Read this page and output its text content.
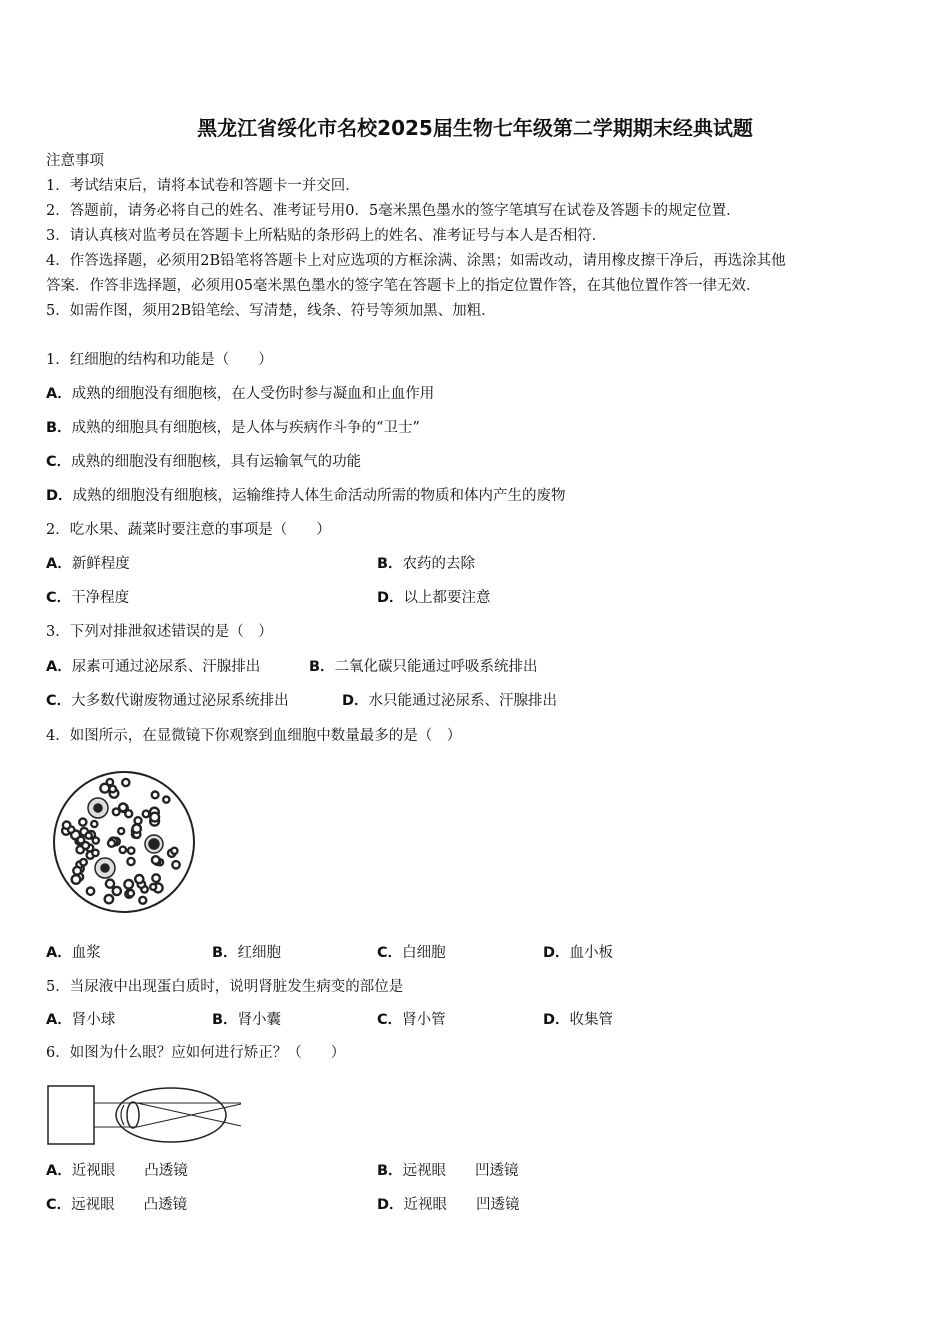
黑龙江省绥化市名校2025届生物七年级第二学期期末经典试题
注意事项
1．考试结束后，请将本试卷和答题卡一并交回．
2．答题前，请务必将自己的姓名、准考证号用0．5毫米黑色墨水的签字笔填写在试卷及答题卡的规定位置．
3．请认真核对监考员在答题卡上所粘贴的条形码上的姓名、准考证号与本人是否相符．
4．作答选择题，必须用2B铅笔将答题卡上对应选项的方框涂满、涂黑；如需改动，请用橡皮擦干净后，再选涂其他
答案．作答非选择题，必须用05毫米黑色墨水的签字笔在答题卡上的指定位置作答，在其他位置作答一律无效．
5．如需作图，须用2B铅笔绘、写清楚，线条、符号等须加黑、加粗．
1．红细胞的结构和功能是（　　）
A．成熟的细胞没有细胞核，在人受伤时参与凝血和止血作用
B．成熟的细胞具有细胞核，是人体与疾病作斗争的“卫士”
C．成熟的细胞没有细胞核，具有运输氧气的功能
D．成熟的细胞没有细胞核，运输维持人体生命活动所需的物质和体内产生的废物
2．吃水果、蔬菜时要注意的事项是（　　）
A．新鲜程度	B．农药的去除
C．干净程度	D．以上都要注意
3．下列对排泄叙述错误的是（　）
A．尿素可通过泌尿系、汗腺排出	B．二氧化碳只能通过呼吸系统排出
C．大多数代谢废物通过泌尿系统排出	D．水只能通过泌尿系、汗腺排出
4．如图所示，在显微镜下你观察到血细胞中数量最多的是（　）
A．血浆	B．红细胞	C．白细胞	D．血小板
5．当尿液中出现蛋白质时，说明肾脏发生病变的部位是
A．肾小球	B．肾小囊	C．肾小管	D．收集管
6．如图为什么眼？应如何进行矫正？（　　）
A．近视眼　　凸透镜	B．远视眼　　凹透镜
C．远视眼　　凸透镜	D．近视眼　　凹透镜
